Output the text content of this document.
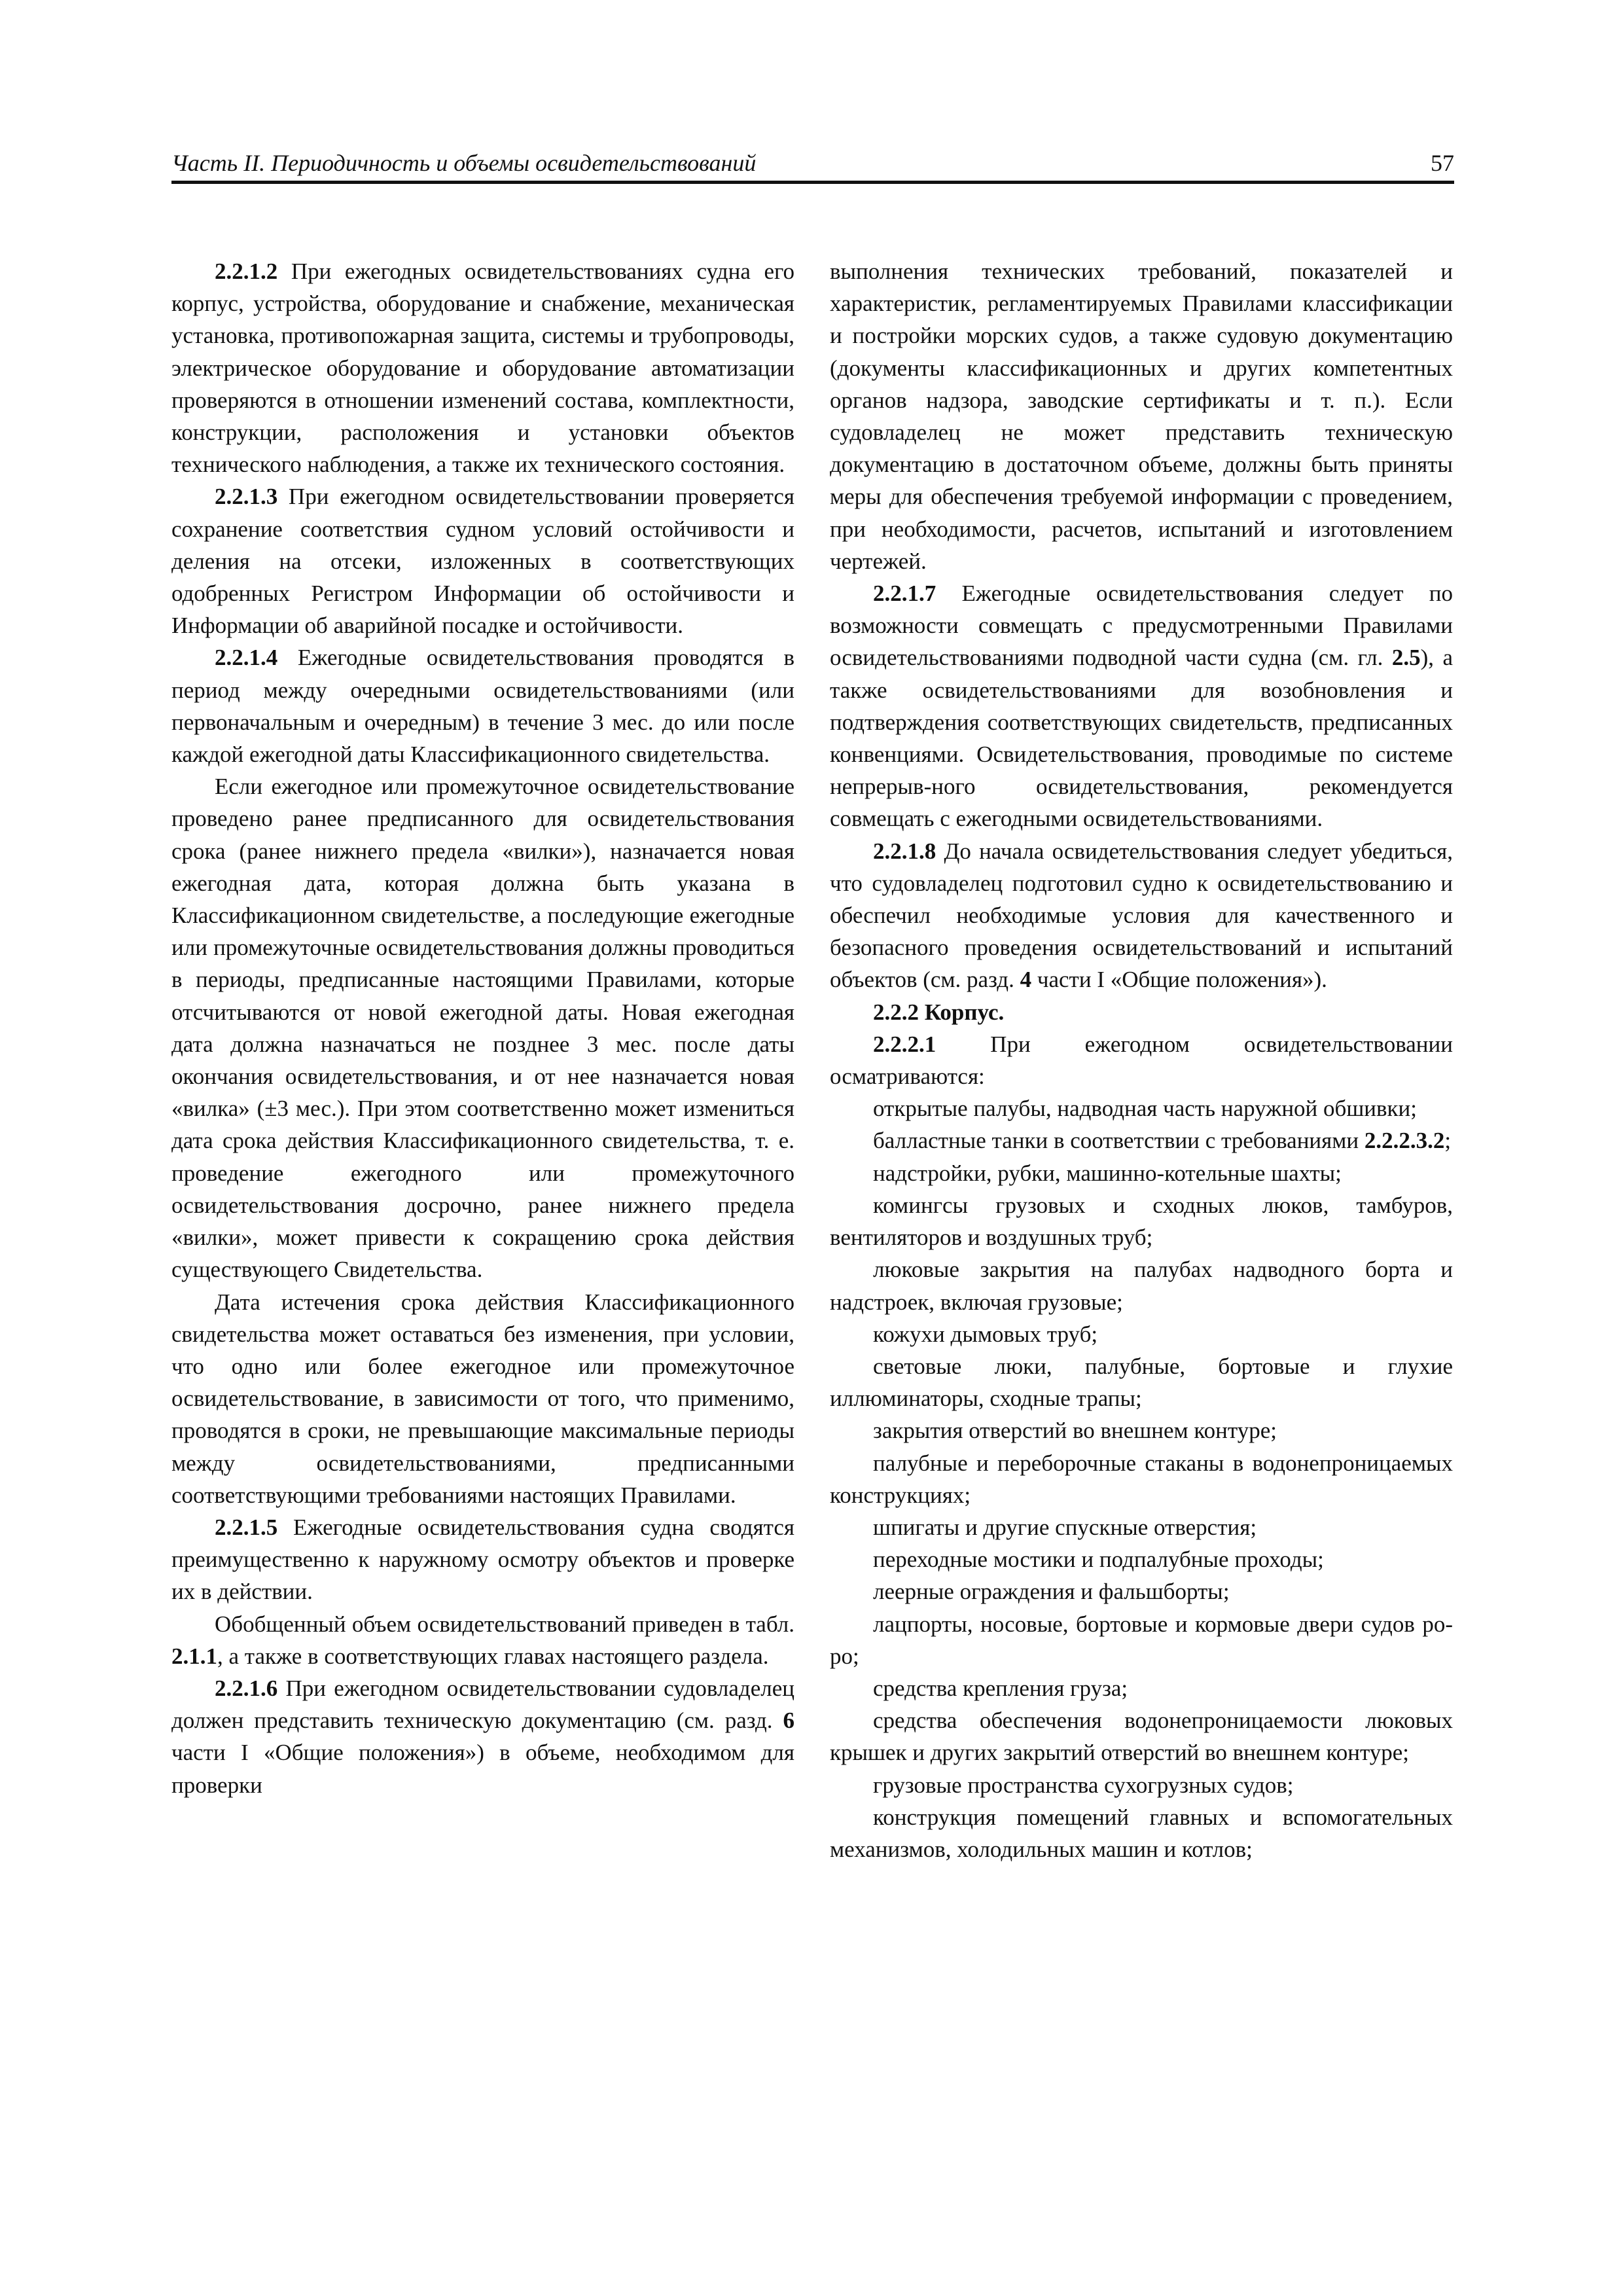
Часть II. Периодичность и объемы освидетельствований	57

2.2.1.2 При ежегодных освидетельствованиях судна его корпус, устройства, оборудование и снабжение, механическая установка, противопожарная защита, системы и трубопроводы, электрическое оборудование и оборудование автоматизации проверяются в отношении изменений состава, комплектности, конструкции, расположения и установки объектов технического наблюдения, а также их технического состояния.

2.2.1.3 При ежегодном освидетельствовании проверяется сохранение соответствия судном условий остойчивости и деления на отсеки, изложенных в соответствующих одобренных Регистром Информации об остойчивости и Информации об аварийной посадке и остойчивости.

2.2.1.4 Ежегодные освидетельствования проводятся в период между очередными освидетельствованиями (или первоначальным и очередным) в течение 3 мес. до или после каждой ежегодной даты Классификационного свидетельства.

Если ежегодное или промежуточное освидетельствование проведено ранее предписанного для освидетельствования срока (ранее нижнего предела «вилки»), назначается новая ежегодная дата, которая должна быть указана в Классификационном свидетельстве, а последующие ежегодные или промежуточные освидетельствования должны проводиться в периоды, предписанные настоящими Правилами, которые отсчитываются от новой ежегодной даты. Новая ежегодная дата должна назначаться не позднее 3 мес. после даты окончания освидетельствования, и от нее назначается новая «вилка» (±3 мес.). При этом соответственно может измениться дата срока действия Классификационного свидетельства, т. е. проведение ежегодного или промежуточного освидетельствования досрочно, ранее нижнего предела «вилки», может привести к сокращению срока действия существующего Свидетельства.

Дата истечения срока действия Классификационного свидетельства может оставаться без изменения, при условии, что одно или более ежегодное или промежуточное освидетельствование, в зависимости от того, что применимо, проводятся в сроки, не превышающие максимальные периоды между освидетельствованиями, предписанными соответствующими требованиями настоящих Правилами.

2.2.1.5 Ежегодные освидетельствования судна сводятся преимущественно к наружному осмотру объектов и проверке их в действии.

Обобщенный объем освидетельствований приведен в табл. 2.1.1, а также в соответствующих главах настоящего раздела.

2.2.1.6 При ежегодном освидетельствовании судовладелец должен представить техническую документацию (см. разд. 6 части I «Общие положения») в объеме, необходимом для проверки

выполнения технических требований, показателей и характеристик, регламентируемых Правилами классификации и постройки морских судов, а также судовую документацию (документы классификационных и других компетентных органов надзора, заводские сертификаты и т. п.). Если судовладелец не может представить техническую документацию в достаточном объеме, должны быть приняты меры для обеспечения требуемой информации с проведением, при необходимости, расчетов, испытаний и изготовлением чертежей.

2.2.1.7 Ежегодные освидетельствования следует по возможности совмещать с предусмотренными Правилами освидетельствованиями подводной части судна (см. гл. 2.5), а также освидетельствованиями для возобновления и подтверждения соответствующих свидетельств, предписанных конвенциями. Освидетельствования, проводимые по системе непрерыв-ного освидетельствования, рекомендуется совмещать с ежегодными освидетельствованиями.

2.2.1.8 До начала освидетельствования следует убедиться, что судовладелец подготовил судно к освидетельствованию и обеспечил необходимые условия для качественного и безопасного проведения освидетельствований и испытаний объектов (см. разд. 4 части I «Общие положения»).

2.2.2 Корпус.

2.2.2.1 При ежегодном освидетельствовании осматриваются:

открытые палубы, надводная часть наружной обшивки;

балластные танки в соответствии с требованиями 2.2.2.3.2;

надстройки, рубки, машинно-котельные шахты;

комингсы грузовых и сходных люков, тамбуров, вентиляторов и воздушных труб;

люковые закрытия на палубах надводного борта и надстроек, включая грузовые;

кожухи дымовых труб;

световые люки, палубные, бортовые и глухие иллюминаторы, сходные трапы;

закрытия отверстий во внешнем контуре;

палубные и переборочные стаканы в водонепроницаемых конструкциях;

шпигаты и другие спускные отверстия;

переходные мостики и подпалубные проходы;

леерные ограждения и фальшборты;

лацпорты, носовые, бортовые и кормовые двери судов ро-ро;

средства крепления груза;

средства обеспечения водонепроницаемости люковых крышек и других закрытий отверстий во внешнем контуре;

грузовые пространства сухогрузных судов;

конструкция помещений главных и вспомогательных механизмов, холодильных машин и котлов;
